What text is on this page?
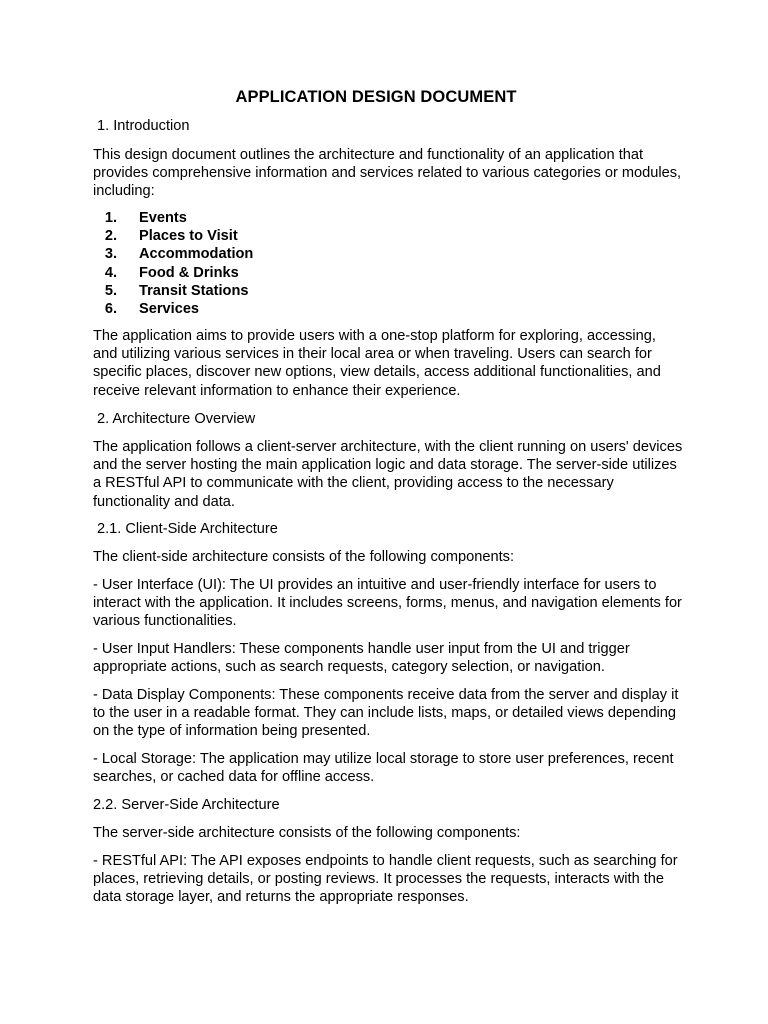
APPLICATION DESIGN DOCUMENT

1. Introduction

This design document outlines the architecture and functionality of an application that provides comprehensive information and services related to various categories or modules, including:

1. Events
2. Places to Visit
3. Accommodation
4. Food & Drinks
5. Transit Stations
6. Services

The application aims to provide users with a one-stop platform for exploring, accessing, and utilizing various services in their local area or when traveling. Users can search for specific places, discover new options, view details, access additional functionalities, and receive relevant information to enhance their experience.

2. Architecture Overview

The application follows a client-server architecture, with the client running on users' devices and the server hosting the main application logic and data storage. The server-side utilizes a RESTful API to communicate with the client, providing access to the necessary functionality and data.

2.1. Client-Side Architecture

The client-side architecture consists of the following components:

- User Interface (UI): The UI provides an intuitive and user-friendly interface for users to interact with the application. It includes screens, forms, menus, and navigation elements for various functionalities.

- User Input Handlers: These components handle user input from the UI and trigger appropriate actions, such as search requests, category selection, or navigation.

- Data Display Components: These components receive data from the server and display it to the user in a readable format. They can include lists, maps, or detailed views depending on the type of information being presented.

- Local Storage: The application may utilize local storage to store user preferences, recent searches, or cached data for offline access.

2.2. Server-Side Architecture

The server-side architecture consists of the following components:

- RESTful API: The API exposes endpoints to handle client requests, such as searching for places, retrieving details, or posting reviews. It processes the requests, interacts with the data storage layer, and returns the appropriate responses.
